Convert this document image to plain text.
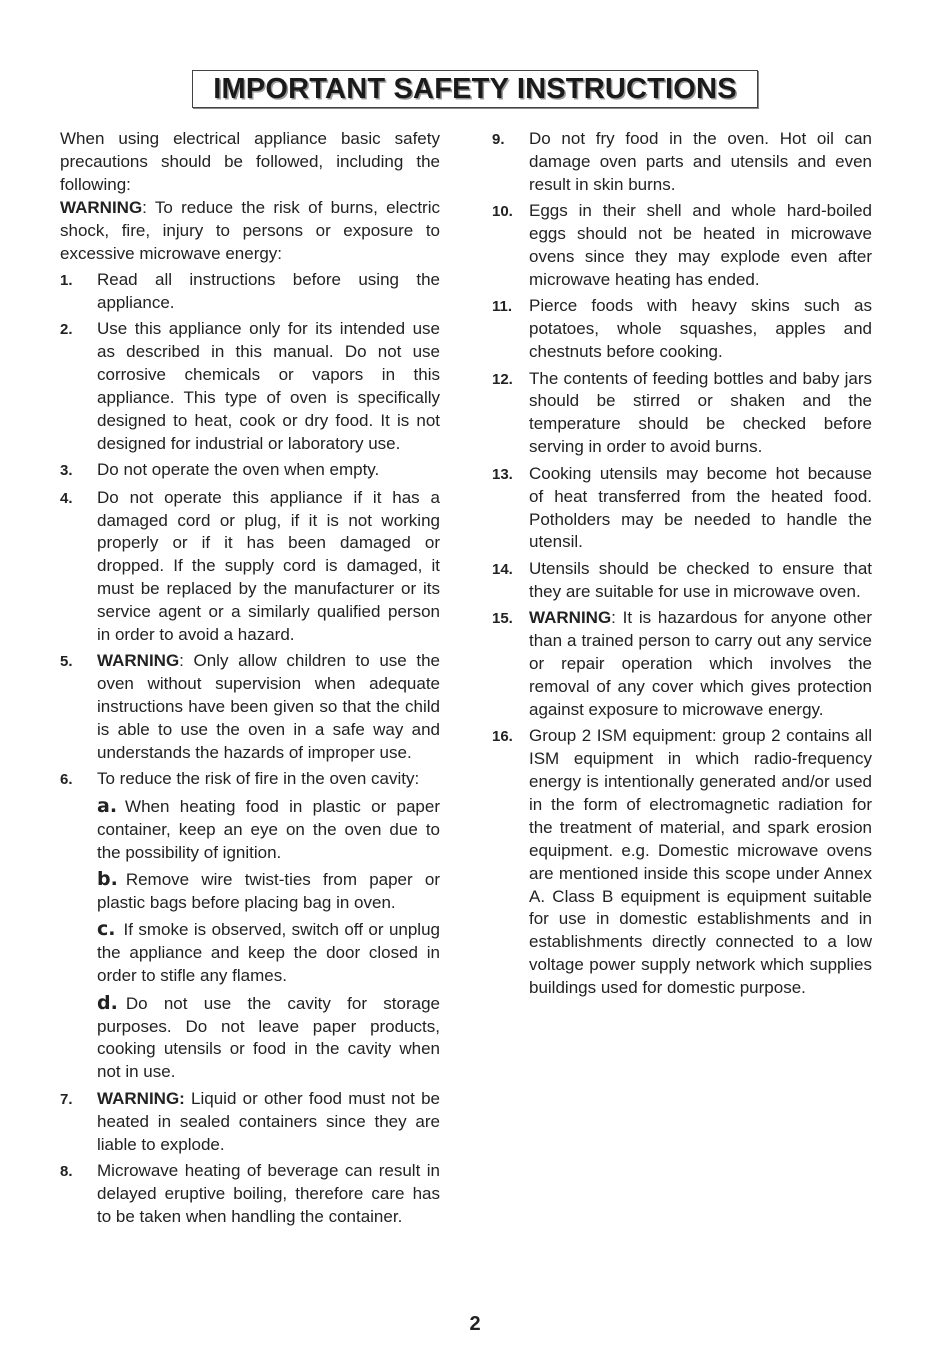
IMPORTANT SAFETY INSTRUCTIONS

When using electrical appliance basic safety precautions should be followed, including the following:

WARNING: To reduce the risk of burns, electric shock, fire, injury to persons or exposure to excessive microwave energy:

1.	Read all instructions before using the appliance.
2.	Use this appliance only for its intended use as described in this manual. Do not use corrosive chemicals or vapors in this appliance. This type of oven is specifically designed to heat, cook or dry food. It is not designed for industrial or laboratory use.
3.	Do not operate the oven when empty.
4.	Do not operate this appliance if it has a damaged cord or plug, if it is not working properly or if it has been damaged or dropped. If the supply cord is damaged, it must be replaced by the manufacturer or its service agent or a similarly qualified person in order to avoid a hazard.
5.	WARNING: Only allow children to use the oven without supervision when adequate instructions have been given so that the child is able to use the oven in a safe way and understands the hazards of improper use.
6.	To reduce the risk of fire in the oven cavity:

a. When heating food in plastic or paper container, keep an eye on the oven due to the possibility of ignition.

b. Remove wire twist-ties from paper or plastic bags before placing bag in oven.

c. If smoke is observed, switch off or unplug the appliance and keep the door closed in order to stifle any flames.

d. Do not use the cavity for storage purposes. Do not leave paper products, cooking utensils or food in the cavity when not in use.

7.	WARNING: Liquid or other food must not be heated in sealed containers since they are liable to explode.
8.	Microwave heating of beverage can result in delayed eruptive boiling, therefore care has to be taken when handling the container.
9.	Do not fry food in the oven. Hot oil can damage oven parts and utensils and even result in skin burns.
10. Eggs in their shell and whole hard-boiled eggs should not be heated in microwave ovens since they may explode even after microwave heating has ended.
11. Pierce foods with heavy skins such as potatoes, whole squashes, apples and chestnuts before cooking.
12. The contents of feeding bottles and baby jars should be stirred or shaken and the temperature should be checked before serving in order to avoid burns.
13. Cooking utensils may become hot because of heat transferred from the heated food. Potholders may be needed to handle the utensil.
14. Utensils should be checked to ensure that they are suitable for use in microwave oven.
15. WARNING: It is hazardous for anyone other than a trained person to carry out any service or repair operation which involves the removal of any cover which gives protection against exposure to microwave energy.
16. Group 2 ISM equipment: group 2 contains all ISM equipment in which radio-frequency energy is intentionally generated and/or used in the form of electromagnetic radiation for the treatment of material, and spark erosion equipment. e.g. Domestic microwave ovens are mentioned inside this scope under Annex A. Class B equipment is equipment suitable for use in domestic establishments and in establishments directly connected to a low voltage power supply network which supplies buildings used for domestic purpose.
2
